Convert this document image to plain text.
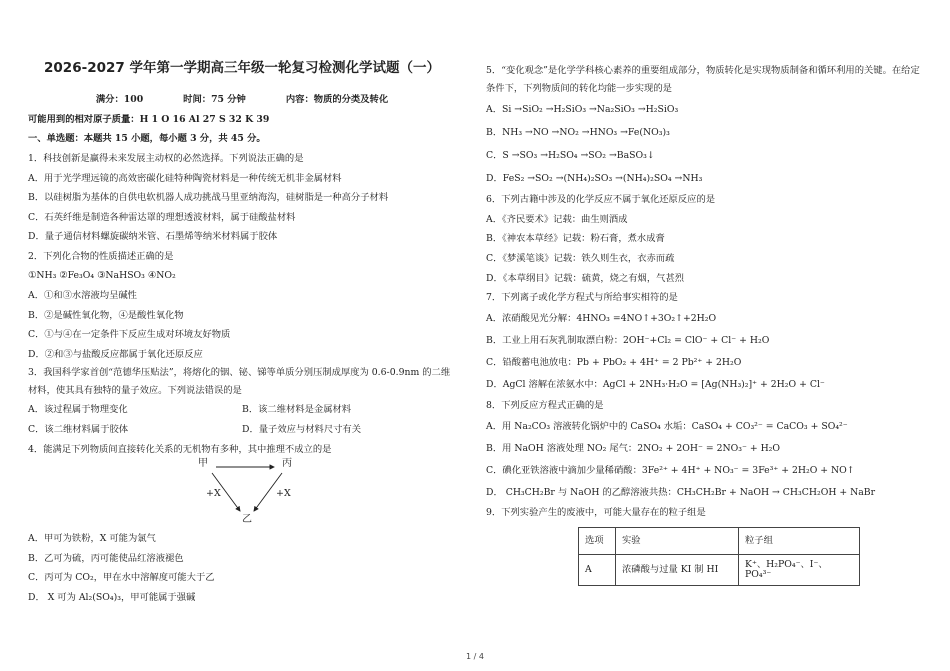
2026-2027 学年第一学期高三年级一轮复习检测化学试题（一）
满分：100	时间：75 分钟	内容：物质的分类及转化
可能用到的相对原子质量：H 1 O 16 Al 27 S 32 K 39
一、单选题：本题共 15 小题，每小题 3 分，共 45 分。
1．科技创新是赢得未来发展主动权的必然选择。下列说法正确的是
A．用于光学理远镜的高效密碳化硅特种陶瓷材料是一种传统无机非金属材料
B．以硅树脂为基体的自供电软机器人成功挑战马里亚纳海沟，硅树脂是一种高分子材料
C．石英纤维是制造各种雷达罩的理想透波材料，属于硅酸盐材料
D．量子通信材料螺旋碳纳米管、石墨烯等纳米材料属于胶体
2．下列化合物的性质描述正确的是
①NH₃ ②Fe₃O₄ ③NaHSO₃ ④NO₂
A．①和③水溶液均呈碱性
B．②是碱性氧化物，④是酸性氧化物
C．①与④在一定条件下反应生成对环境友好物质
D．②和③与盐酸反应都属于氧化还原反应
3．我国科学家首创“范德华压贴法”，将熔化的铟、铋、锑等单质分别压制成厚度为 0.6-0.9nm 的二维材料，使其具有独特的量子效应。下列说法错误的是
A．该过程属于物理变化	B．该二维材料是金属材料
C．该二维材料属于胶体	D．量子效应与材料尺寸有关
4．能满足下列物质间直接转化关系的无机物有多种，其中推理不成立的是
甲	丙
乙
+X	+X
A．甲可为铁粉，X 可能为氯气
B．乙可为硫，丙可能使品红溶液褪色
C．丙可为 CO₂，甲在水中溶解度可能大于乙
D． X 可为 Al₂(SO₄)₃，甲可能属于强碱
5．“变化观念”是化学学科核心素养的重要组成部分，物质转化是实现物质制备和循环利用的关键。在给定条件下，下列物质间的转化均能一步实现的是
A．Si →SiO₂ →H₂SiO₃ →Na₂SiO₃ →H₂SiO₃
B．NH₃ →NO →NO₂ →HNO₃ →Fe(NO₃)₃
C．S →SO₃ →H₂SO₄ →SO₂ →BaSO₃↓
D．FeS₂ →SO₂ →(NH₄)₂SO₃ →(NH₄)₂SO₄ →NH₃
6．下列古籍中涉及的化学反应不属于氧化还原反应的是
A．《齐民要术》记载：曲生则酒成
B．《神农本草经》记载：粉石膏，煮水成膏
C．《梦溪笔谈》记载：铁久则生衣，衣赤而疏
D．《本草纲目》记载：硫黄，烧之有烟，气甚烈
7．下列离子或化学方程式与所给事实相符的是
A．浓硝酸见光分解：4HNO₃ =4NO↑+3O₂↑+2H₂O
B．工业上用石灰乳制取漂白粉：2OH⁻+Cl₂ = ClO⁻ + Cl⁻ + H₂O
C．铅酸蓄电池放电：Pb + PbO₂ + 4H⁺ = 2 Pb²⁺ + 2H₂O
D．AgCl 溶解在浓氨水中：AgCl + 2NH₃·H₂O = [Ag(NH₃)₂]⁺ + 2H₂O + Cl⁻
8．下列反应方程式正确的是
A．用 Na₂CO₃ 溶液转化锅炉中的 CaSO₄ 水垢：CaSO₄ + CO₃²⁻ = CaCO₃ + SO₄²⁻
B．用 NaOH 溶液处理 NO₂ 尾气：2NO₂ + 2OH⁻ = 2NO₃⁻ + H₂O
C．碘化亚铁溶液中滴加少量稀硝酸：3Fe²⁺ + 4H⁺ + NO₃⁻ = 3Fe³⁺ + 2H₂O + NO↑
D． CH₃CH₂Br 与 NaOH 的乙醇溶液共热：CH₃CH₂Br + NaOH → CH₃CH₂OH + NaBr
9．下列实验产生的废液中，可能大量存在的粒子组是
选项	实验	粒子组
A	浓磷酸与过量 KI 制 HI	K⁺、H₂PO₄⁻、I⁻、PO₄³⁻
1 / 4
